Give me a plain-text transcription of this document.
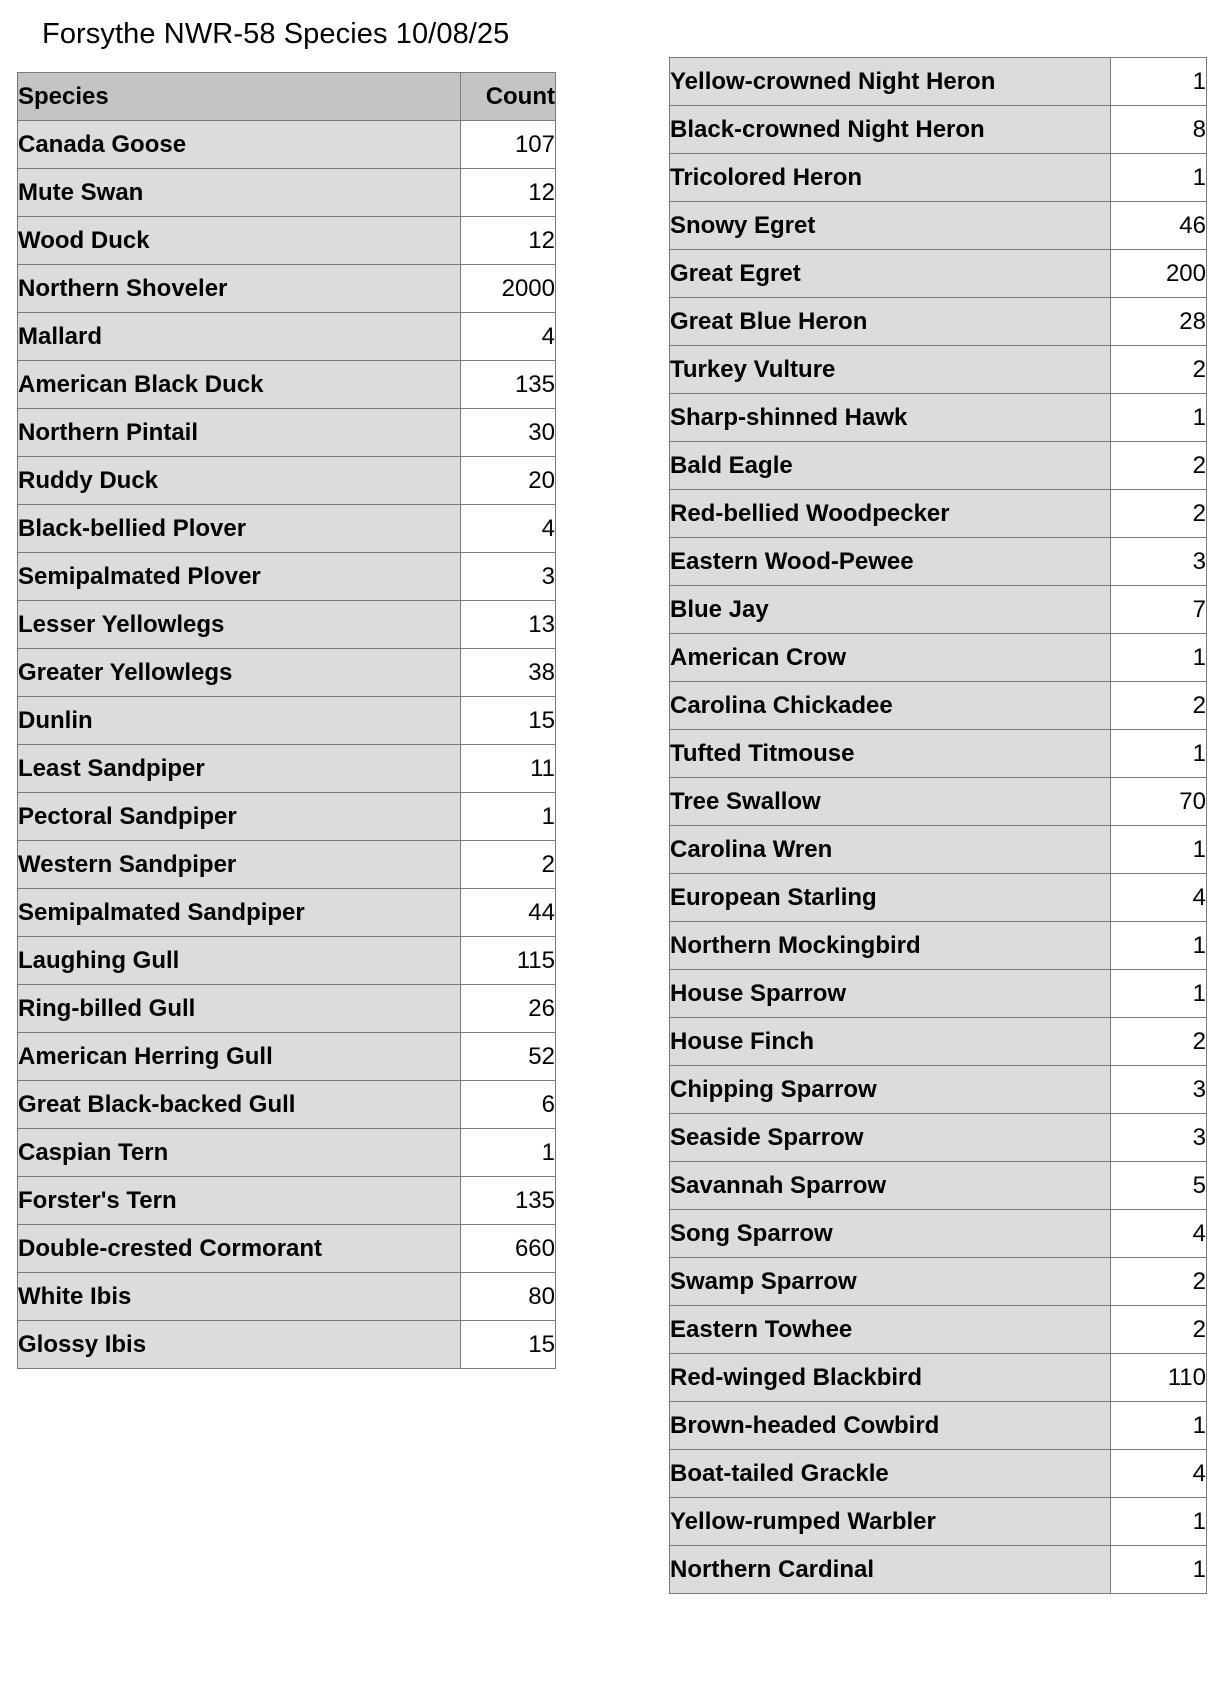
Forsythe NWR-58 Species 10/08/25
Species	Count
Canada Goose	107
Mute Swan	12
Wood Duck	12
Northern Shoveler	2000
Mallard	4
American Black Duck	135
Northern Pintail	30
Ruddy Duck	20
Black-bellied Plover	4
Semipalmated Plover	3
Lesser Yellowlegs	13
Greater Yellowlegs	38
Dunlin	15
Least Sandpiper	11
Pectoral Sandpiper	1
Western Sandpiper	2
Semipalmated Sandpiper	44
Laughing Gull	115
Ring-billed Gull	26
American Herring Gull	52
Great Black-backed Gull	6
Caspian Tern	1
Forster's Tern	135
Double-crested Cormorant	660
White Ibis	80
Glossy Ibis	15
Yellow-crowned Night Heron	1
Black-crowned Night Heron	8
Tricolored Heron	1
Snowy Egret	46
Great Egret	200
Great Blue Heron	28
Turkey Vulture	2
Sharp-shinned Hawk	1
Bald Eagle	2
Red-bellied Woodpecker	2
Eastern Wood-Pewee	3
Blue Jay	7
American Crow	1
Carolina Chickadee	2
Tufted Titmouse	1
Tree Swallow	70
Carolina Wren	1
European Starling	4
Northern Mockingbird	1
House Sparrow	1
House Finch	2
Chipping Sparrow	3
Seaside Sparrow	3
Savannah Sparrow	5
Song Sparrow	4
Swamp Sparrow	2
Eastern Towhee	2
Red-winged Blackbird	110
Brown-headed Cowbird	1
Boat-tailed Grackle	4
Yellow-rumped Warbler	1
Northern Cardinal	1
